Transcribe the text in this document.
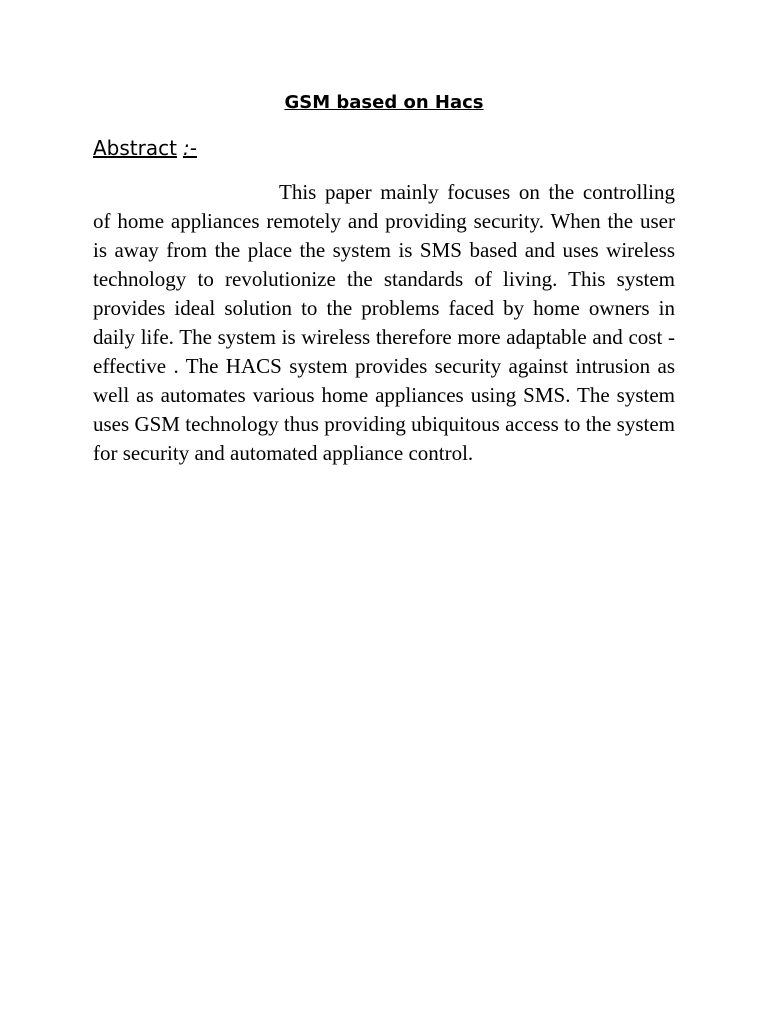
GSM based on Hacs
Abstract :-

This paper mainly focuses on the controlling of home appliances remotely and providing security. When the user is away from the place the system is SMS based and uses wireless technology to revolutionize the standards of living. This system provides ideal solution to the problems faced by home owners in daily life. The system is wireless therefore more adaptable and cost - effective . The HACS system provides security against intrusion as well as automates various home appliances using SMS. The system uses GSM technology thus providing ubiquitous access to the system for security and automated appliance control.
